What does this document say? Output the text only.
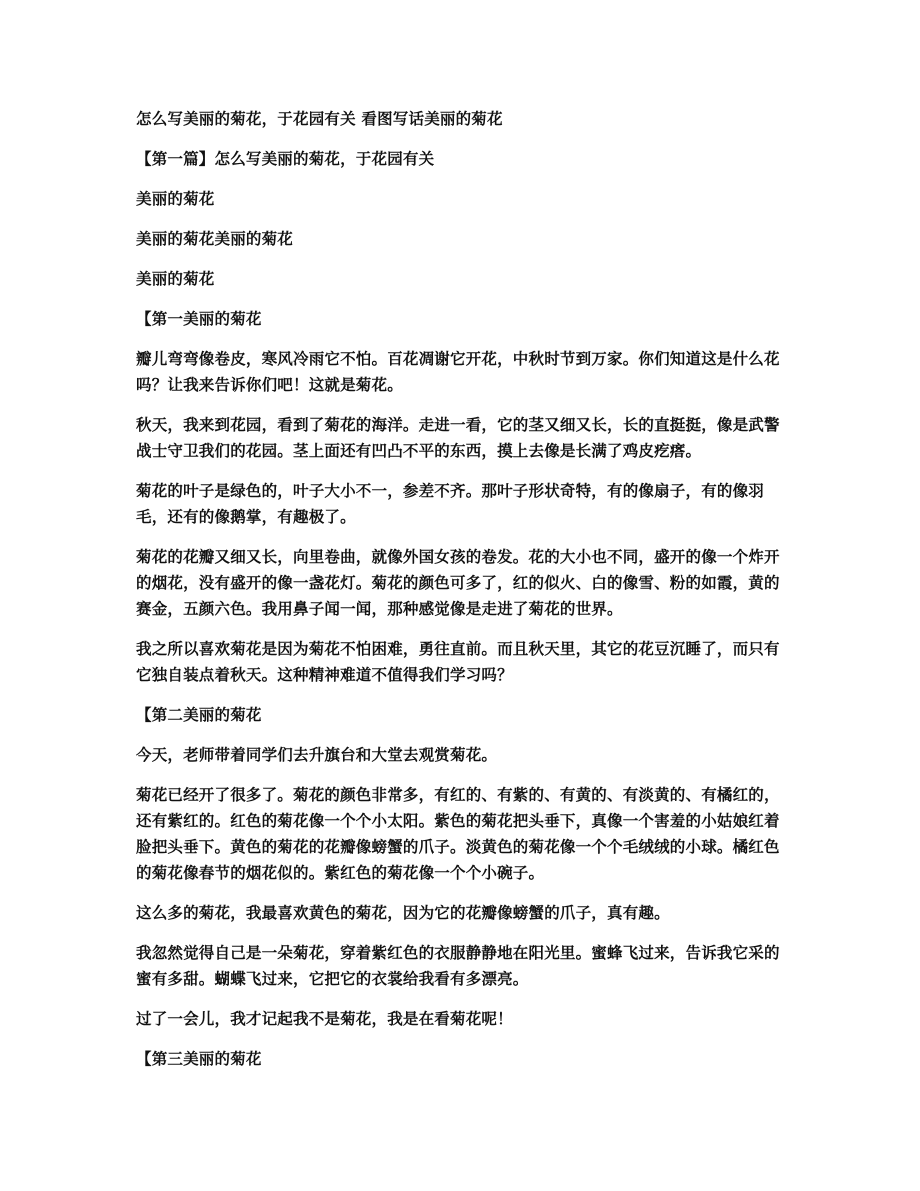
怎么写美丽的菊花，于花园有关 看图写话美丽的菊花

【第一篇】怎么写美丽的菊花，于花园有关

美丽的菊花

美丽的菊花美丽的菊花

美丽的菊花

【第一美丽的菊花

瓣儿弯弯像卷皮，寒风冷雨它不怕。百花凋谢它开花，中秋时节到万家。你们知道这是什么花吗？让我来告诉你们吧！这就是菊花。

秋天，我来到花园，看到了菊花的海洋。走进一看，它的茎又细又长，长的直挺挺，像是武警战士守卫我们的花园。茎上面还有凹凸不平的东西，摸上去像是长满了鸡皮疙瘩。

菊花的叶子是绿色的，叶子大小不一，参差不齐。那叶子形状奇特，有的像扇子，有的像羽毛，还有的像鹅掌，有趣极了。

菊花的花瓣又细又长，向里卷曲，就像外国女孩的卷发。花的大小也不同，盛开的像一个炸开的烟花，没有盛开的像一盏花灯。菊花的颜色可多了，红的似火、白的像雪、粉的如霞，黄的赛金，五颜六色。我用鼻子闻一闻，那种感觉像是走进了菊花的世界。

我之所以喜欢菊花是因为菊花不怕困难，勇往直前。而且秋天里，其它的花豆沉睡了，而只有它独自装点着秋天。这种精神难道不值得我们学习吗？

【第二美丽的菊花

今天，老师带着同学们去升旗台和大堂去观赏菊花。

菊花已经开了很多了。菊花的颜色非常多，有红的、有紫的、有黄的、有淡黄的、有橘红的，还有紫红的。红色的菊花像一个个小太阳。紫色的菊花把头垂下，真像一个害羞的小姑娘红着脸把头垂下。黄色的菊花的花瓣像螃蟹的爪子。淡黄色的菊花像一个个毛绒绒的小球。橘红色的菊花像春节的烟花似的。紫红色的菊花像一个个小碗子。

这么多的菊花，我最喜欢黄色的菊花，因为它的花瓣像螃蟹的爪子，真有趣。

我忽然觉得自己是一朵菊花，穿着紫红色的衣服静静地在阳光里。蜜蜂飞过来，告诉我它采的蜜有多甜。蝴蝶飞过来，它把它的衣裳给我看有多漂亮。

过了一会儿，我才记起我不是菊花，我是在看菊花呢！

【第三美丽的菊花
